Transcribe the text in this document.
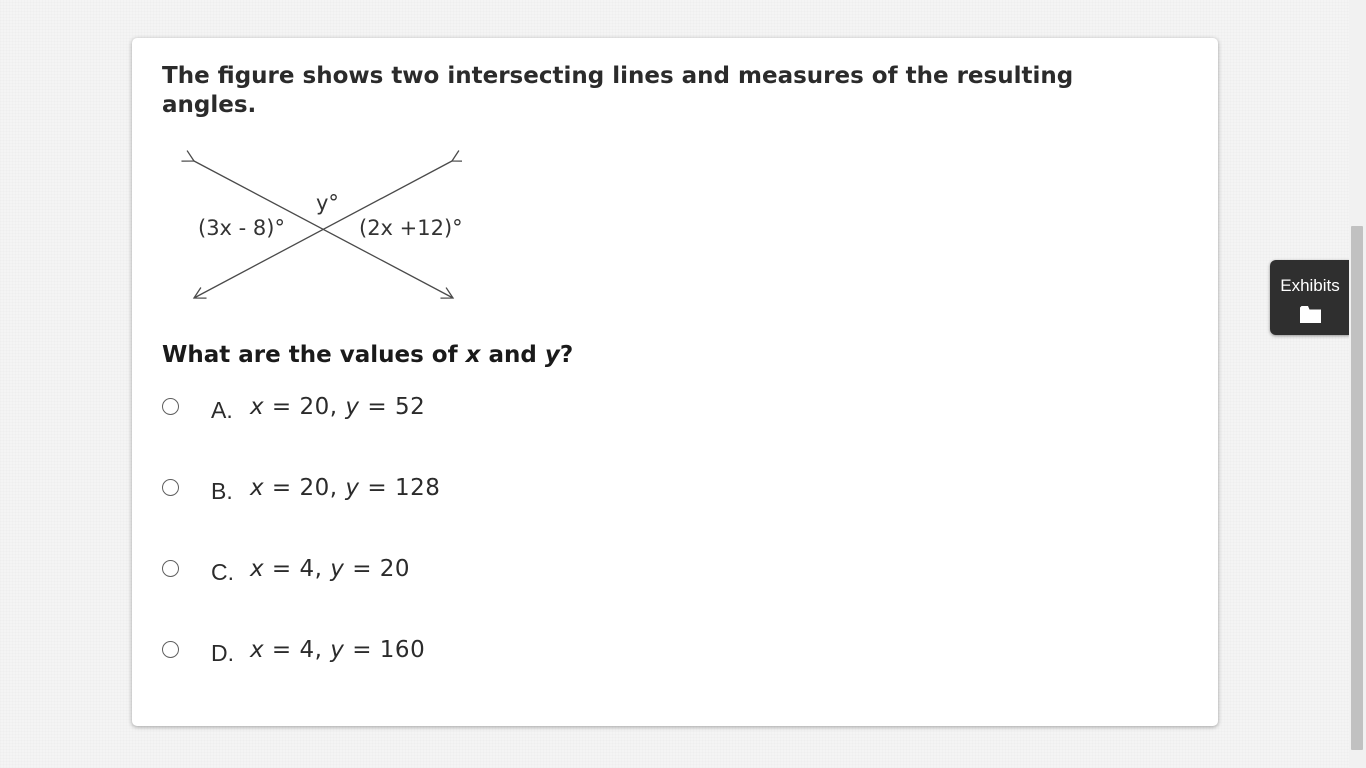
The figure shows two intersecting lines and measures of the resulting angles.

(3x - 8)°
y°
(2x +12)°

What are the values of x and y?

A. x = 20, y = 52
B. x = 20, y = 128
C. x = 4, y = 20
D. x = 4, y = 160
Exhibits
